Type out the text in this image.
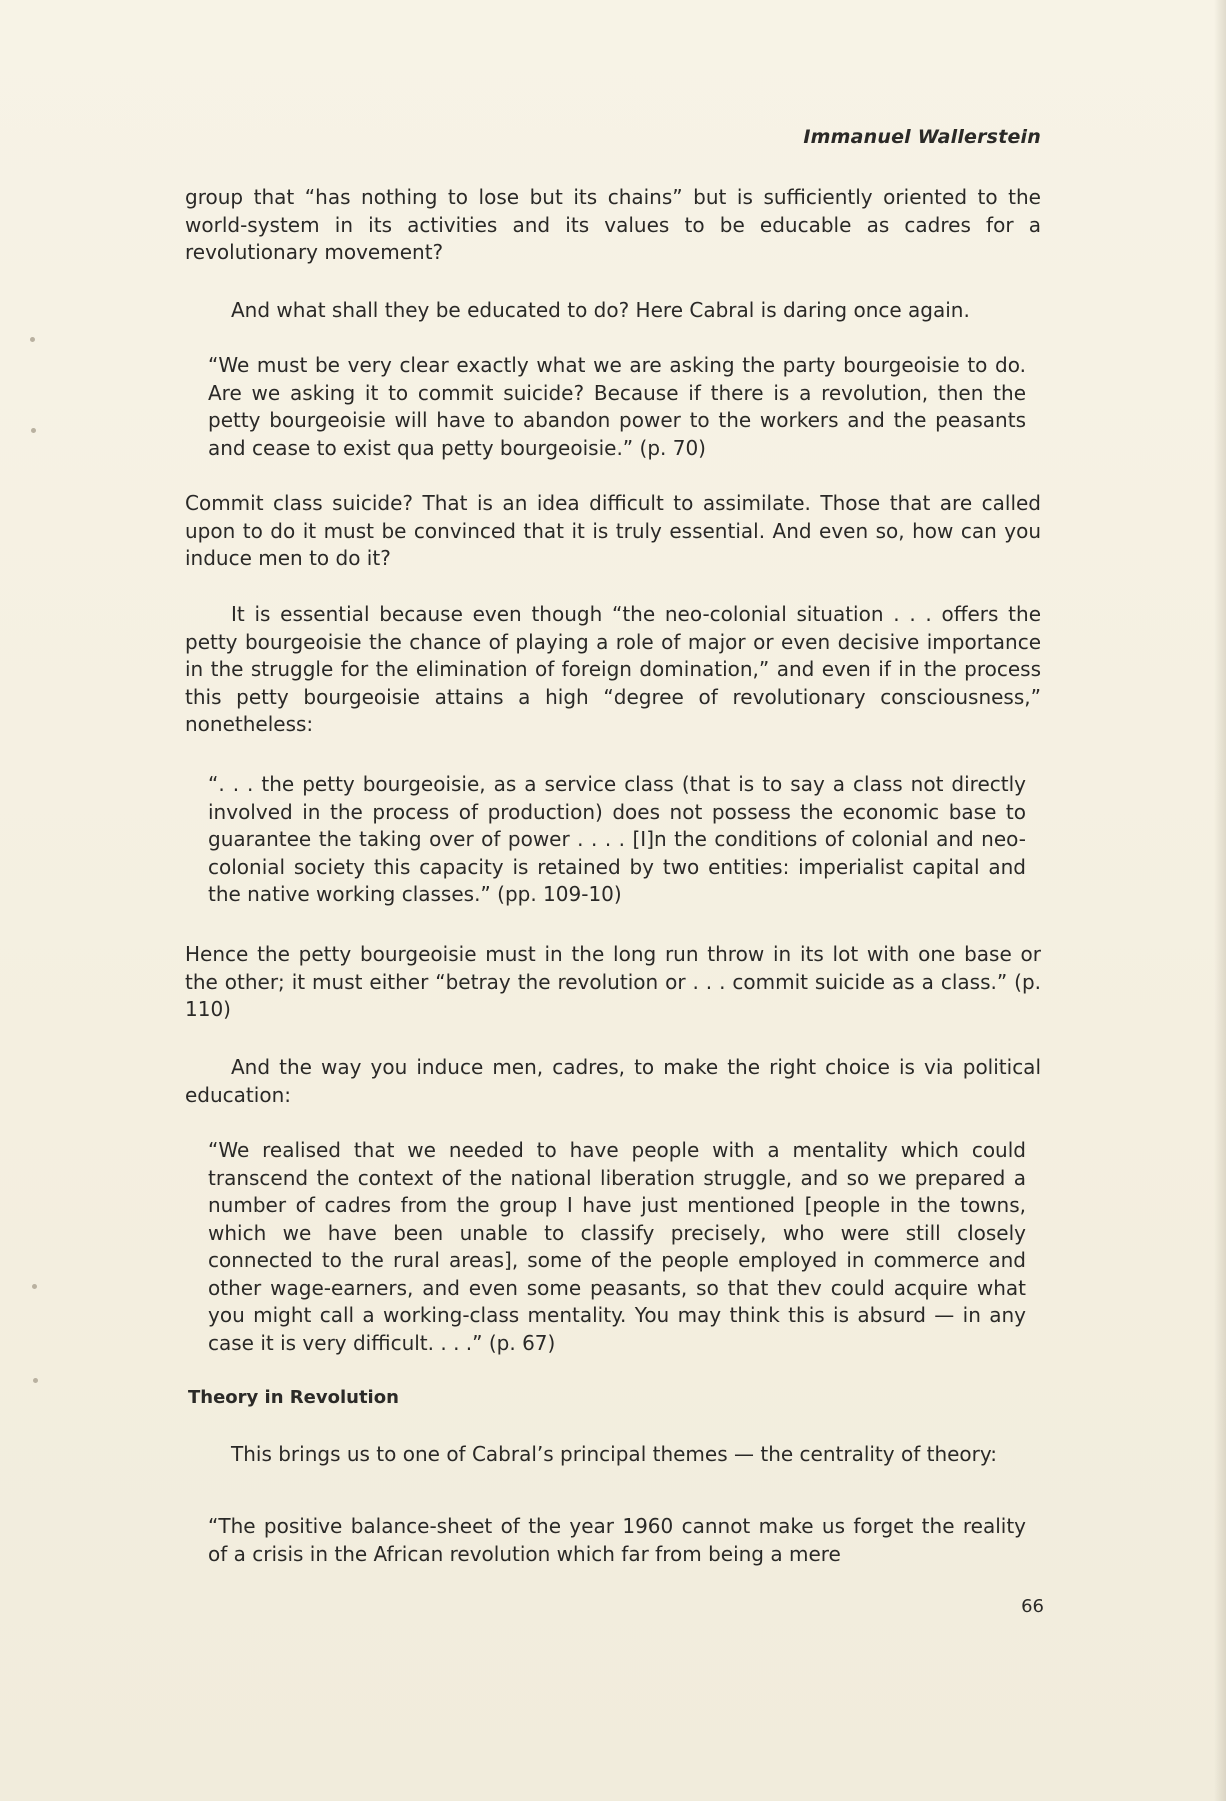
Immanuel Wallerstein

group that “has nothing to lose but its chains” but is sufficiently oriented to the world-system in its activities and its values to be educable as cadres for a revolutionary movement?

And what shall they be educated to do? Here Cabral is daring once again.

“We must be very clear exactly what we are asking the party bourgeoisie to do. Are we asking it to commit suicide? Because if there is a revolution, then the petty bourgeoisie will have to abandon power to the workers and the peasants and cease to exist qua petty bourgeoisie.” (p. 70)

Commit class suicide? That is an idea difficult to assimilate. Those that are called upon to do it must be convinced that it is truly essential. And even so, how can you induce men to do it?

It is essential because even though “the neo-colonial situation . . . offers the petty bourgeoisie the chance of playing a role of major or even decisive importance in the struggle for the elimination of foreign domination,” and even if in the process this petty bourgeoisie attains a high “degree of revolutionary consciousness,” nonetheless:

“. . . the petty bourgeoisie, as a service class (that is to say a class not directly involved in the process of production) does not possess the economic base to guarantee the taking over of power . . . . [I]n the conditions of colonial and neo-colonial society this capacity is retained by two entities: imperialist capital and the native working classes.” (pp. 109-10)

Hence the petty bourgeoisie must in the long run throw in its lot with one base or the other; it must either “betray the revolution or . . . commit suicide as a class.” (p. 110)

And the way you induce men, cadres, to make the right choice is via political education:

“We realised that we needed to have people with a mentality which could transcend the context of the national liberation struggle, and so we prepared a number of cadres from the group I have just mentioned [people in the towns, which we have been unable to classify precisely, who were still closely connected to the rural areas], some of the people employed in commerce and other wage-earners, and even some peasants, so that thev could acquire what you might call a working-class mentality. You may think this is absurd — in any case it is very difficult. . . .” (p. 67)

Theory in Revolution

This brings us to one of Cabral’s principal themes — the centrality of theory:

“The positive balance-sheet of the year 1960 cannot make us forget the reality of a crisis in the African revolution which far from being a mere

66
